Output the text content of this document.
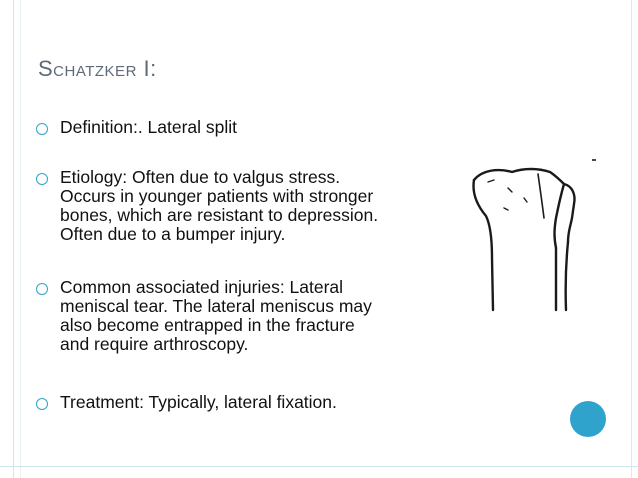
Schatzker I:
Definition:. Lateral split
Etiology: Often due to valgus stress.
Occurs in younger patients with stronger
bones, which are resistant to depression.
Often due to a bumper injury.
Common associated injuries: Lateral
meniscal tear. The lateral meniscus may
also become entrapped in the fracture
and require arthroscopy.
Treatment: Typically, lateral fixation.
